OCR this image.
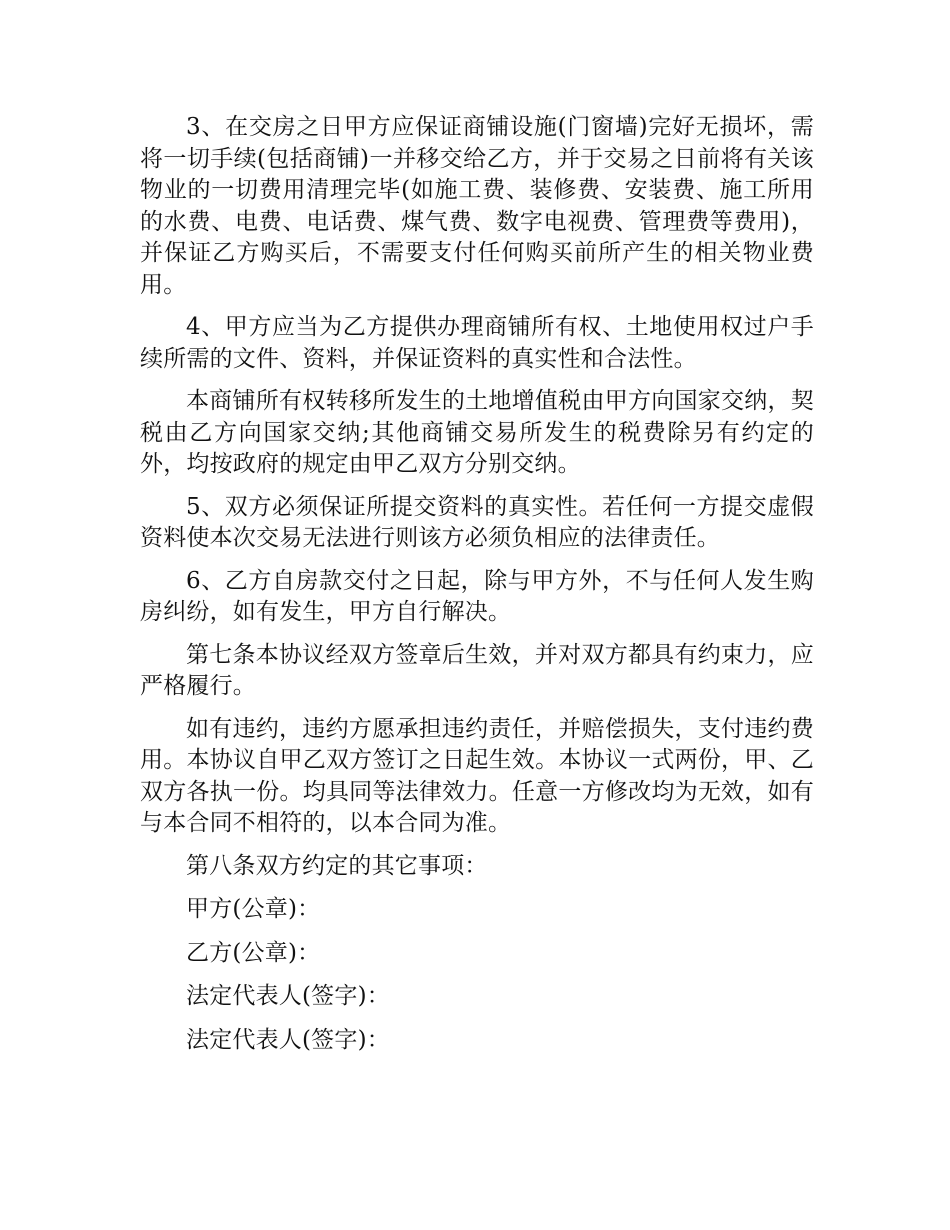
3、在交房之日甲方应保证商铺设施(门窗墙)完好无损坏，需将一切手续(包括商铺)一并移交给乙方，并于交易之日前将有关该物业的一切费用清理完毕(如施工费、装修费、安装费、施工所用的水费、电费、电话费、煤气费、数字电视费、管理费等费用)，并保证乙方购买后，不需要支付任何购买前所产生的相关物业费用。

4、甲方应当为乙方提供办理商铺所有权、土地使用权过户手续所需的文件、资料，并保证资料的真实性和合法性。

本商铺所有权转移所发生的土地增值税由甲方向国家交纳，契税由乙方向国家交纳;其他商铺交易所发生的税费除另有约定的外，均按政府的规定由甲乙双方分别交纳。

5、双方必须保证所提交资料的真实性。若任何一方提交虚假资料使本次交易无法进行则该方必须负相应的法律责任。

6、乙方自房款交付之日起，除与甲方外，不与任何人发生购房纠纷，如有发生，甲方自行解决。

第七条本协议经双方签章后生效，并对双方都具有约束力，应严格履行。

如有违约，违约方愿承担违约责任，并赔偿损失，支付违约费用。本协议自甲乙双方签订之日起生效。本协议一式两份，甲、乙双方各执一份。均具同等法律效力。任意一方修改均为无效，如有与本合同不相符的，以本合同为准。

第八条双方约定的其它事项：

甲方(公章)：

乙方(公章)：

法定代表人(签字)：

法定代表人(签字)：
